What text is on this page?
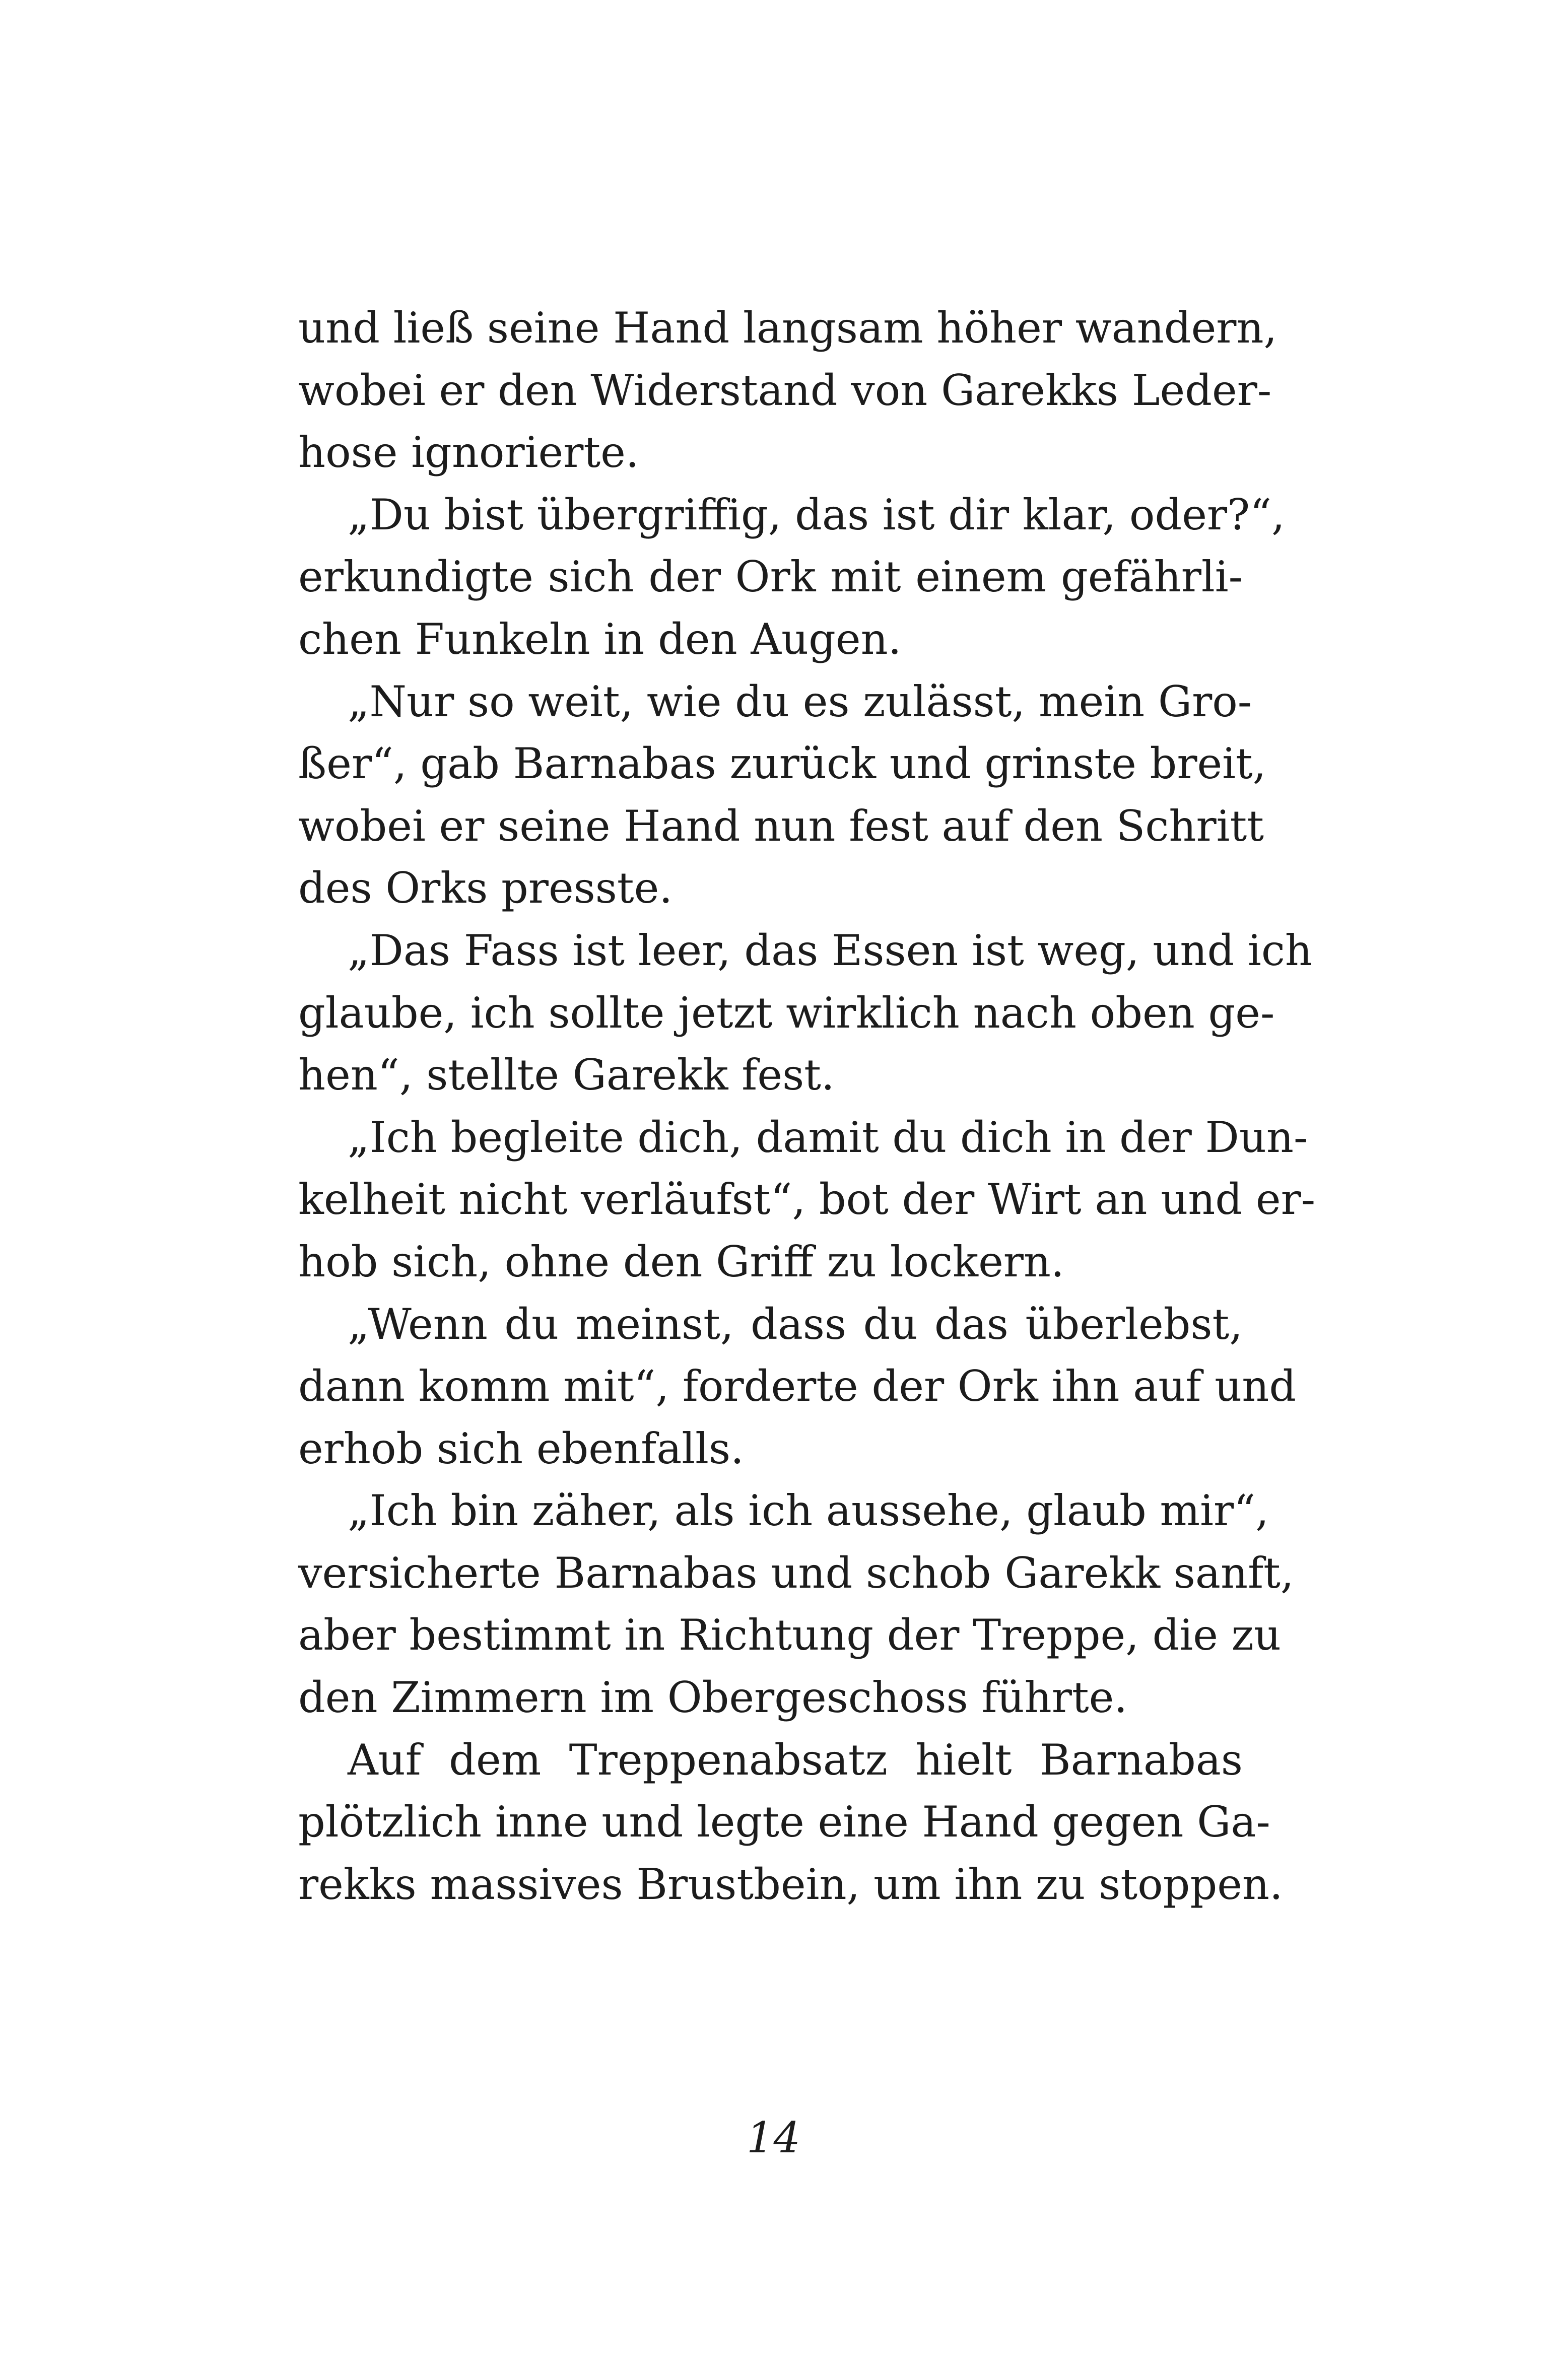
und ließ seine Hand langsam höher wandern,
wobei er den Widerstand von Garekks Leder-
hose ignorierte.
„Du bist übergriffig, das ist dir klar, oder?“,
erkundigte sich der Ork mit einem gefährli-
chen Funkeln in den Augen.
„Nur so weit, wie du es zulässt, mein Gro-
ßer“, gab Barnabas zurück und grinste breit,
wobei er seine Hand nun fest auf den Schritt
des Orks presste.
„Das Fass ist leer, das Essen ist weg, und ich
glaube, ich sollte jetzt wirklich nach oben ge-
hen“, stellte Garekk fest.
„Ich begleite dich, damit du dich in der Dun-
kelheit nicht verläufst“, bot der Wirt an und er-
hob sich, ohne den Griff zu lockern.
„Wenn du meinst, dass du das überlebst,
dann komm mit“, forderte der Ork ihn auf und
erhob sich ebenfalls.
„Ich bin zäher, als ich aussehe, glaub mir“,
versicherte Barnabas und schob Garekk sanft,
aber bestimmt in Richtung der Treppe, die zu
den Zimmern im Obergeschoss führte.
Auf dem Treppenabsatz hielt Barnabas
plötzlich inne und legte eine Hand gegen Ga-
rekks massives Brustbein, um ihn zu stoppen.
14
